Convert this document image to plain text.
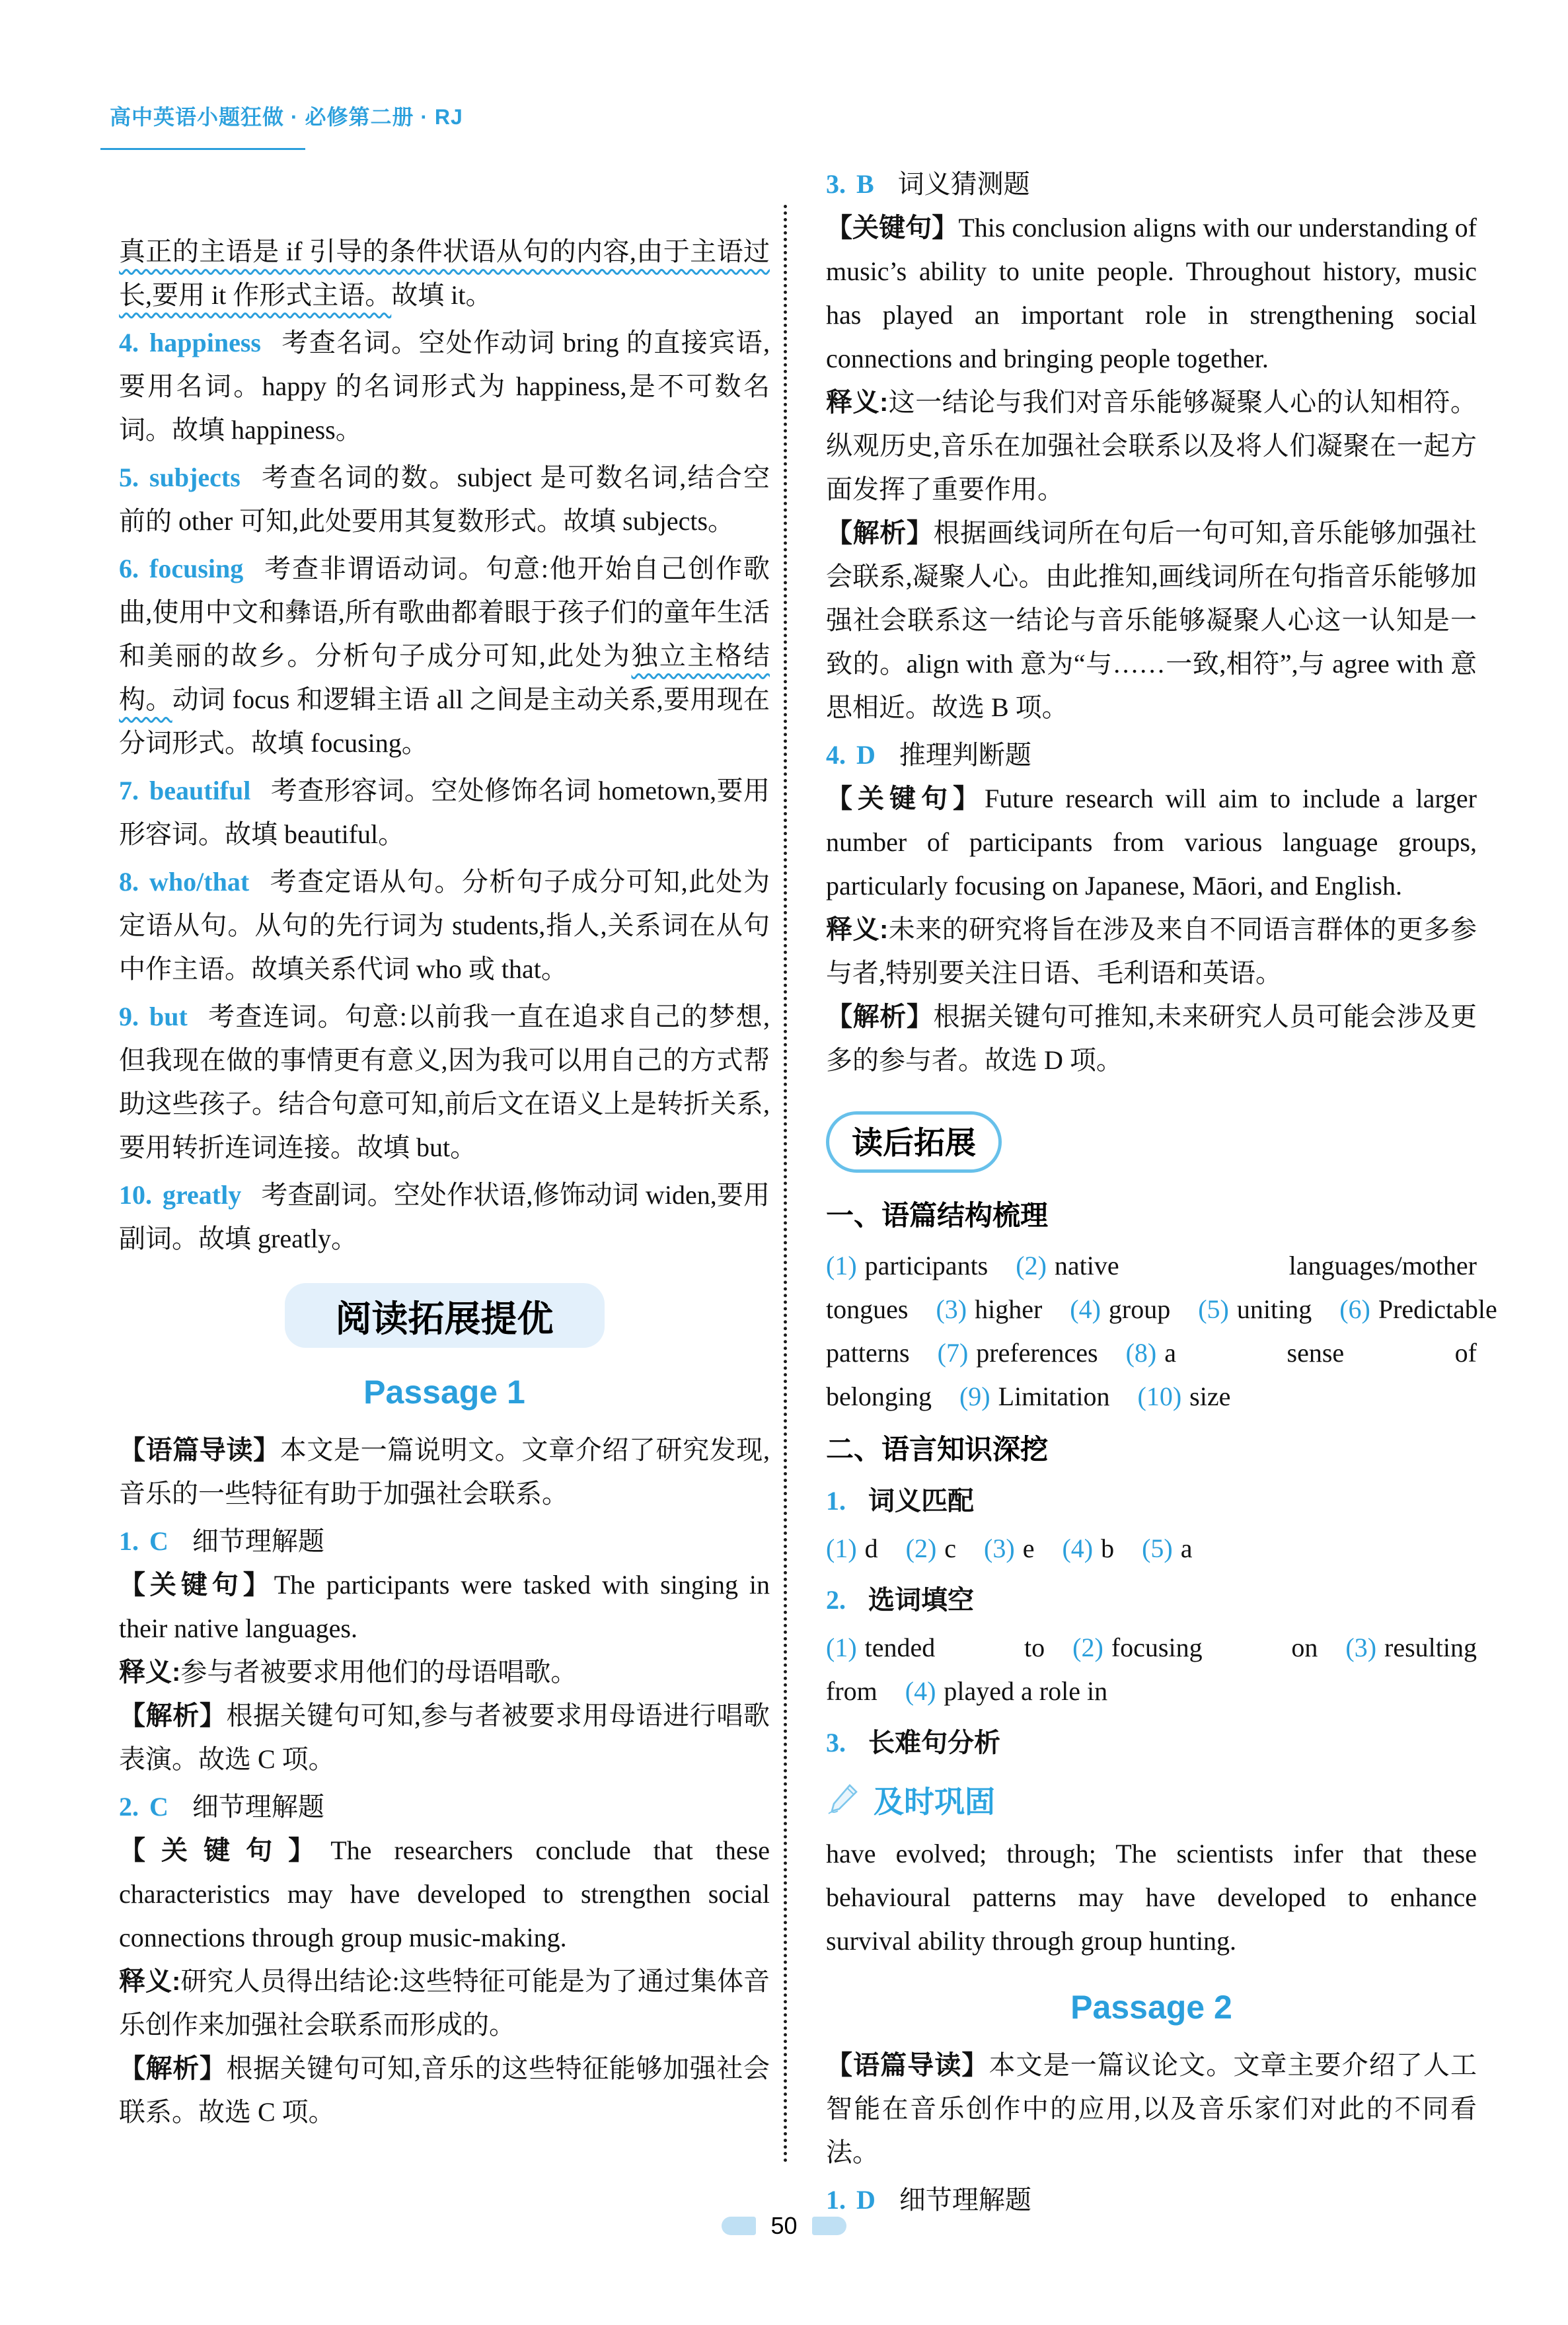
高中英语小题狂做 · 必修第二册 · RJ

真正的主语是 if 引导的条件状语从句的内容,由于主语过长,要用 it 作形式主语。故填 it。

4. happiness 考查名词。空处作动词 bring 的直接宾语,要用名词。happy 的名词形式为 happiness,是不可数名词。故填 happiness。

5. subjects 考查名词的数。subject 是可数名词,结合空前的 other 可知,此处要用其复数形式。故填 subjects。

6. focusing 考查非谓语动词。句意:他开始自己创作歌曲,使用中文和彝语,所有歌曲都着眼于孩子们的童年生活和美丽的故乡。分析句子成分可知,此处为独立主格结构。动词 focus 和逻辑主语 all 之间是主动关系,要用现在分词形式。故填 focusing。

7. beautiful 考查形容词。空处修饰名词 hometown,要用形容词。故填 beautiful。

8. who/that 考查定语从句。分析句子成分可知,此处为定语从句。从句的先行词为 students,指人,关系词在从句中作主语。故填关系代词 who 或 that。

9. but 考查连词。句意:以前我一直在追求自己的梦想,但我现在做的事情更有意义,因为我可以用自己的方式帮助这些孩子。结合句意可知,前后文在语义上是转折关系,要用转折连词连接。故填 but。

10. greatly 考查副词。空处作状语,修饰动词 widen,要用副词。故填 greatly。

阅读拓展提优
Passage 1

【语篇导读】本文是一篇说明文。文章介绍了研究发现,音乐的一些特征有助于加强社会联系。

1. C 细节理解题

【关键句】The participants were tasked with singing in their native languages.

释义:参与者被要求用他们的母语唱歌。

【解析】根据关键句可知,参与者被要求用母语进行唱歌表演。故选 C 项。

2. C 细节理解题

【关键句】The researchers conclude that these characteristics may have developed to strengthen social connections through group music-making.

释义:研究人员得出结论:这些特征可能是为了通过集体音乐创作来加强社会联系而形成的。

【解析】根据关键句可知,音乐的这些特征能够加强社会联系。故选 C 项。

3. B 词义猜测题

【关键句】This conclusion aligns with our understanding of music’s ability to unite people. Throughout history, music has played an important role in strengthening social connections and bringing people together.

释义:这一结论与我们对音乐能够凝聚人心的认知相符。纵观历史,音乐在加强社会联系以及将人们凝聚在一起方面发挥了重要作用。

【解析】根据画线词所在句后一句可知,音乐能够加强社会联系,凝聚人心。由此推知,画线词所在句指音乐能够加强社会联系这一结论与音乐能够凝聚人心这一认知是一致的。align with 意为“与……一致,相符”,与 agree with 意思相近。故选 B 项。

4. D 推理判断题

【关键句】Future research will aim to include a larger number of participants from various language groups, particularly focusing on Japanese, Māori, and English.

释义:未来的研究将旨在涉及来自不同语言群体的更多参与者,特别要关注日语、毛利语和英语。

【解析】根据关键句可推知,未来研究人员可能会涉及更多的参与者。故选 D 项。

读后拓展
一、语篇结构梳理

(1) participants (2) native languages/mother tongues (3) higher (4) group (5) uniting (6) Predictable patterns (7) preferences (8) a sense of belonging (9) Limitation (10) size

二、语言知识深挖

1. 词义匹配

(1) d (2) c (3) e (4) b (5) a

2. 选词填空

(1) tended to (2) focusing on (3) resulting from (4) played a role in

3. 长难句分析

及时巩固

have evolved; through; The scientists infer that these behavioural patterns may have developed to enhance survival ability through group hunting.

Passage 2

【语篇导读】本文是一篇议论文。文章主要介绍了人工智能在音乐创作中的应用,以及音乐家们对此的不同看法。

1. D 细节理解题

50
